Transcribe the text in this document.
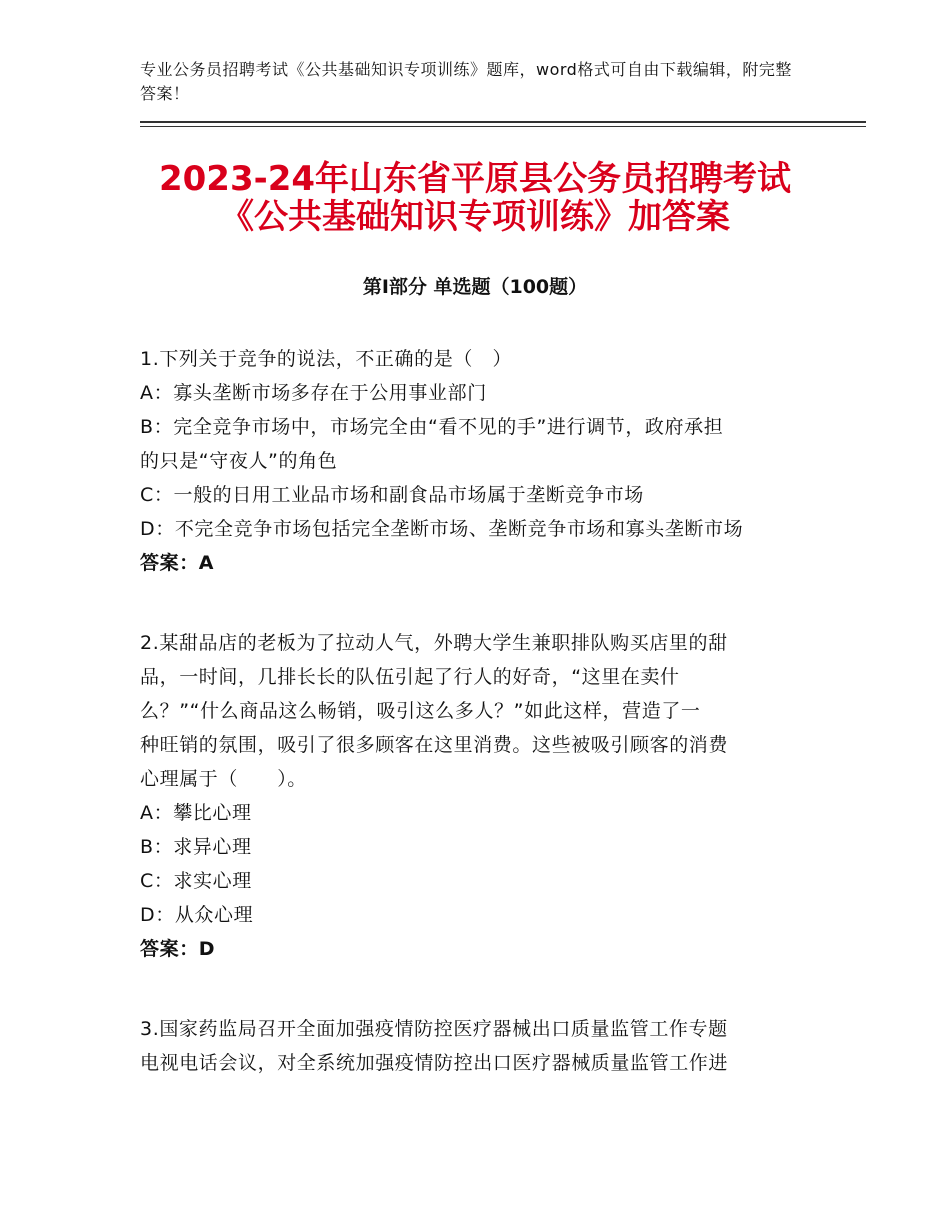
专业公务员招聘考试《公共基础知识专项训练》题库，word格式可自由下载编辑，附完整答案！
2023-24年山东省平原县公务员招聘考试
《公共基础知识专项训练》加答案
第Ⅰ部分 单选题（100题）
1.下列关于竞争的说法，不正确的是（　）
A：寡头垄断市场多存在于公用事业部门
B：完全竞争市场中，市场完全由“看不见的手”进行调节，政府承担
的只是“守夜人”的角色
C：一般的日用工业品市场和副食品市场属于垄断竞争市场
D：不完全竞争市场包括完全垄断市场、垄断竞争市场和寡头垄断市场
答案：A
2.某甜品店的老板为了拉动人气，外聘大学生兼职排队购买店里的甜
品，一时间，几排长长的队伍引起了行人的好奇，“这里在卖什
么？”“什么商品这么畅销，吸引这么多人？”如此这样，营造了一
种旺销的氛围，吸引了很多顾客在这里消费。这些被吸引顾客的消费
心理属于（　　）。
A：攀比心理
B：求异心理
C：求实心理
D：从众心理
答案：D
3.国家药监局召开全面加强疫情防控医疗器械出口质量监管工作专题
电视电话会议，对全系统加强疫情防控出口医疗器械质量监管工作进
